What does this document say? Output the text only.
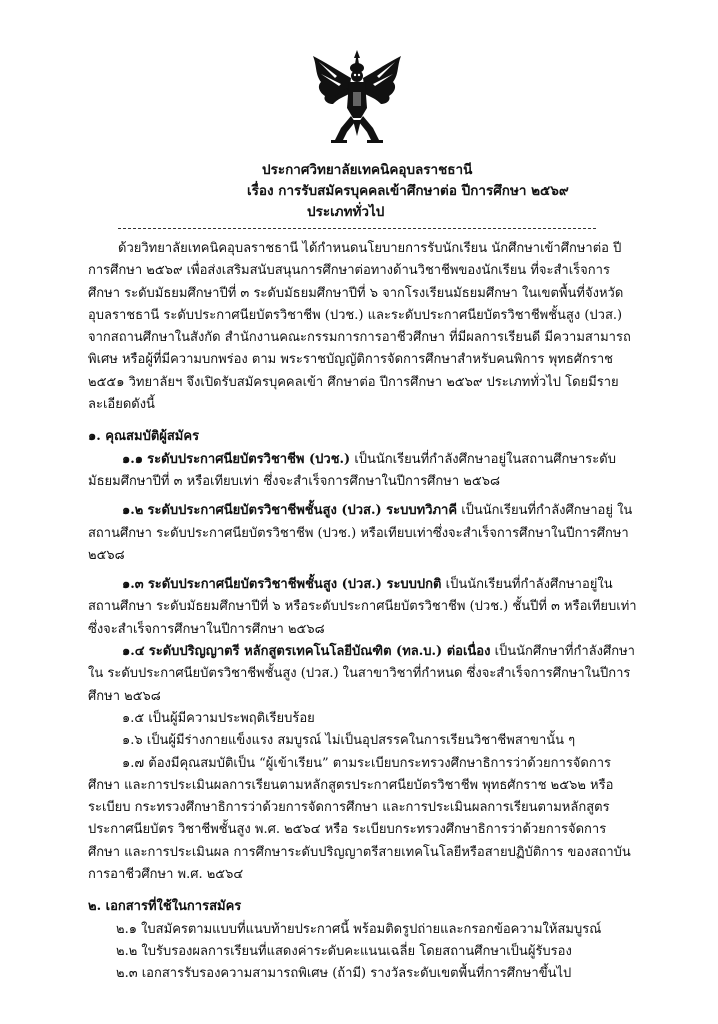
ประกาศวิทยาลัยเทคนิคอุบลราชธานี
เรื่อง การรับสมัครบุคคลเข้าศึกษาต่อ ปีการศึกษา ๒๕๖๙
ประเภททั่วไป

ด้วยวิทยาลัยเทคนิคอุบลราชธานี ได้กำหนดนโยบายการรับนักเรียน นักศึกษาเข้าศึกษาต่อ ปีการศึกษา ๒๕๖๙ เพื่อส่งเสริมสนับสนุนการศึกษาต่อทางด้านวิชาชีพของนักเรียน ที่จะสำเร็จการศึกษา ระดับมัธยมศึกษาปีที่ ๓ ระดับมัธยมศึกษาปีที่ ๖ จากโรงเรียนมัธยมศึกษา ในเขตพื้นที่จังหวัดอุบลราชธานี ระดับประกาศนียบัตรวิชาชีพ (ปวช.) และระดับประกาศนียบัตรวิชาชีพชั้นสูง (ปวส.) จากสถานศึกษาในสังกัด สำนักงานคณะกรรมการการอาชีวศึกษา ที่มีผลการเรียนดี มีความสามารถพิเศษ หรือผู้ที่มีความบกพร่อง ตาม พระราชบัญญัติการจัดการศึกษาสำหรับคนพิการ พุทธศักราช ๒๕๕๑ วิทยาลัยฯ จึงเปิดรับสมัครบุคคลเข้า ศึกษาต่อ ปีการศึกษา ๒๕๖๙ ประเภททั่วไป โดยมีรายละเอียดดังนี้

๑. คุณสมบัติผู้สมัคร

๑.๑ ระดับประกาศนียบัตรวิชาชีพ (ปวช.) เป็นนักเรียนที่กำลังศึกษาอยู่ในสถานศึกษาระดับ มัธยมศึกษาปีที่ ๓ หรือเทียบเท่า ซึ่งจะสำเร็จการศึกษาในปีการศึกษา ๒๕๖๘

๑.๒ ระดับประกาศนียบัตรวิชาชีพชั้นสูง (ปวส.) ระบบทวิภาคี เป็นนักเรียนที่กำลังศึกษาอยู่ ในสถานศึกษา ระดับประกาศนียบัตรวิชาชีพ (ปวช.) หรือเทียบเท่าซึ่งจะสำเร็จการศึกษาในปีการศึกษา ๒๕๖๘

๑.๓ ระดับประกาศนียบัตรวิชาชีพชั้นสูง (ปวส.) ระบบปกติ เป็นนักเรียนที่กำลังศึกษาอยู่ใน สถานศึกษา ระดับมัธยมศึกษาปีที่ ๖ หรือระดับประกาศนียบัตรวิชาชีพ (ปวช.) ชั้นปีที่ ๓ หรือเทียบเท่า ซึ่งจะสำเร็จการศึกษาในปีการศึกษา ๒๕๖๘

๑.๔ ระดับปริญญาตรี หลักสูตรเทคโนโลยีบัณฑิต (ทล.บ.) ต่อเนื่อง เป็นนักศึกษาที่กำลังศึกษาใน ระดับประกาศนียบัตรวิชาชีพชั้นสูง (ปวส.) ในสาขาวิชาที่กำหนด ซึ่งจะสำเร็จการศึกษาในปีการศึกษา ๒๕๖๘

๑.๕ เป็นผู้มีความประพฤติเรียบร้อย

๑.๖ เป็นผู้มีร่างกายแข็งแรง สมบูรณ์ ไม่เป็นอุปสรรคในการเรียนวิชาชีพสาขานั้น ๆ

๑.๗ ต้องมีคุณสมบัติเป็น “ผู้เข้าเรียน” ตามระเบียบกระทรวงศึกษาธิการว่าด้วยการจัดการศึกษา และการประเมินผลการเรียนตามหลักสูตรประกาศนียบัตรวิชาชีพ พุทธศักราช ๒๕๖๒ หรือ ระเบียบ กระทรวงศึกษาธิการว่าด้วยการจัดการศึกษา และการประเมินผลการเรียนตามหลักสูตรประกาศนียบัตร วิชาชีพชั้นสูง พ.ศ. ๒๕๖๔ หรือ ระเบียบกระทรวงศึกษาธิการว่าด้วยการจัดการศึกษา และการประเมินผล การศึกษาระดับปริญญาตรีสายเทคโนโลยีหรือสายปฏิบัติการ ของสถาบันการอาชีวศึกษา พ.ศ. ๒๕๖๔

๒. เอกสารที่ใช้ในการสมัคร

๒.๑ ใบสมัครตามแบบที่แนบท้ายประกาศนี้ พร้อมติดรูปถ่ายและกรอกข้อความให้สมบูรณ์

๒.๒ ใบรับรองผลการเรียนที่แสดงค่าระดับคะแนนเฉลี่ย โดยสถานศึกษาเป็นผู้รับรอง

๒.๓ เอกสารรับรองความสามารถพิเศษ (ถ้ามี) รางวัลระดับเขตพื้นที่การศึกษาขึ้นไป
